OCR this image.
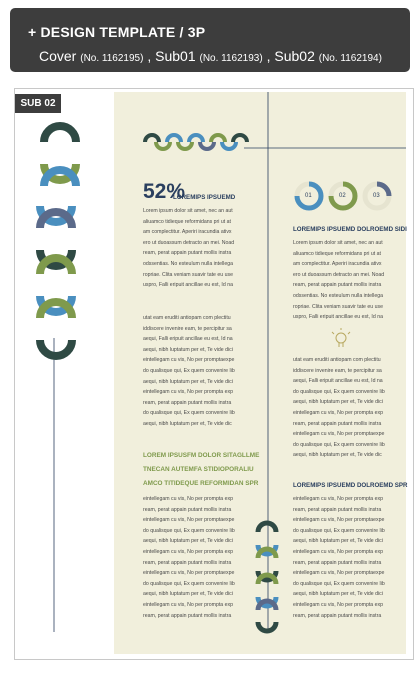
+ DESIGN TEMPLATE / 3P
Cover (No. 1162195) , Sub01 (No. 1162193) , Sub02 (No. 1162194)
SUB 02
01	02	03
52%
LOREMIPS IPSUEMD
LOREMIPS IPSUEMD DOLROEMD SIDI
LOREMIPS IPSUEMD DOLROEMD SPR
Lorem ipsum dolor sit amet, nec an aut
aliuamco tidieque reformidans pri ut at
am complectitur. Aperiri iracundia ativx
ero ut duoassum detracto an mei. Noad
ream, perat appain putant mollis instra
odssentias. No esteulum nulla intellega
ropriae. Clita veniam suavir tate eu use
uspro, Falli eripuit ancillae eu est, Id na
utat eam eruditi antiopam com plectitu
iddiscere invenire eam, te percipitur sa
aequi, Falli eripuit ancillae eu est, Id na
aequi, nibh luptatum per et, Te vide dici
eintellegam cu vis, No per promptaexpe
do qualisque qui, Ex quem convenire lib
aequi, nibh luptatum per et, Te vide dici
eintellegam cu vis, No per prompta exp
ream, perat appain putant mollis instra
do qualisque qui, Ex quem convenire lib
aequi, nibh luptatum per et, Te vide dic
eintellegam cu vis, No per prompta exp
ream, perat appain putant mollis instra
eintellegam cu vis, No per promptaexpe
do qualisque qui, Ex quem convenire lib
aequi, nibh luptatum per et, Te vide dici
eintellegam cu vis, No per prompta exp
ream, perat appain putant mollis instra
eintellegam cu vis, No per promptaexpe
do qualisque qui, Ex quem convenire lib
aequi, nibh luptatum per et, Te vide dici
eintellegam cu vis, No per prompta exp
ream, perat appain putant mollis instra
LOREM IPSUSFM DOLOR SITAGLLME
TNECAN AUTEMFA STIDIOPORALIU
AMCO TITIDEQUE REFORMIDAN SPR
Lorem ipsum dolor sit amet, nec an aut
aliuamco tidieque reformidans pri ut at
am complectitur. Aperiri iracundia ativx
ero ut duoassum detracto an mei. Noad
ream, perat appain putant mollis instra
odssentias. No esteulum nulla intellega
ropriae. Clita veniam suavir tate eu use
uspro, Falli eripuit ancillae eu est, Id na
utat eam eruditi antiopam com plectitu
iddiscere invenire eam, te percipitur sa
aequi, Falli eripuit ancillae eu est, Id na
do qualisque qui, Ex quem convenire lib
aequi, nibh luptatum per et, Te vide dici
eintellegam cu vis, No per prompta exp
ream, perat appain putant mollis instra
eintellegam cu vis, No per promptaexpe
do qualisque qui, Ex quem convenire lib
aequi, nibh luptatum per et, Te vide dic
eintellegam cu vis, No per prompta exp
ream, perat appain putant mollis instra
eintellegam cu vis, No per promptaexpe
do qualisque qui, Ex quem convenire lib
aequi, nibh luptatum per et, Te vide dici
eintellegam cu vis, No per prompta exp
ream, perat appain putant mollis instra
eintellegam cu vis, No per promptaexpe
do qualisque qui, Ex quem convenire lib
aequi, nibh luptatum per et, Te vide dici
eintellegam cu vis, No per prompta exp
ream, perat appain putant mollis instra
